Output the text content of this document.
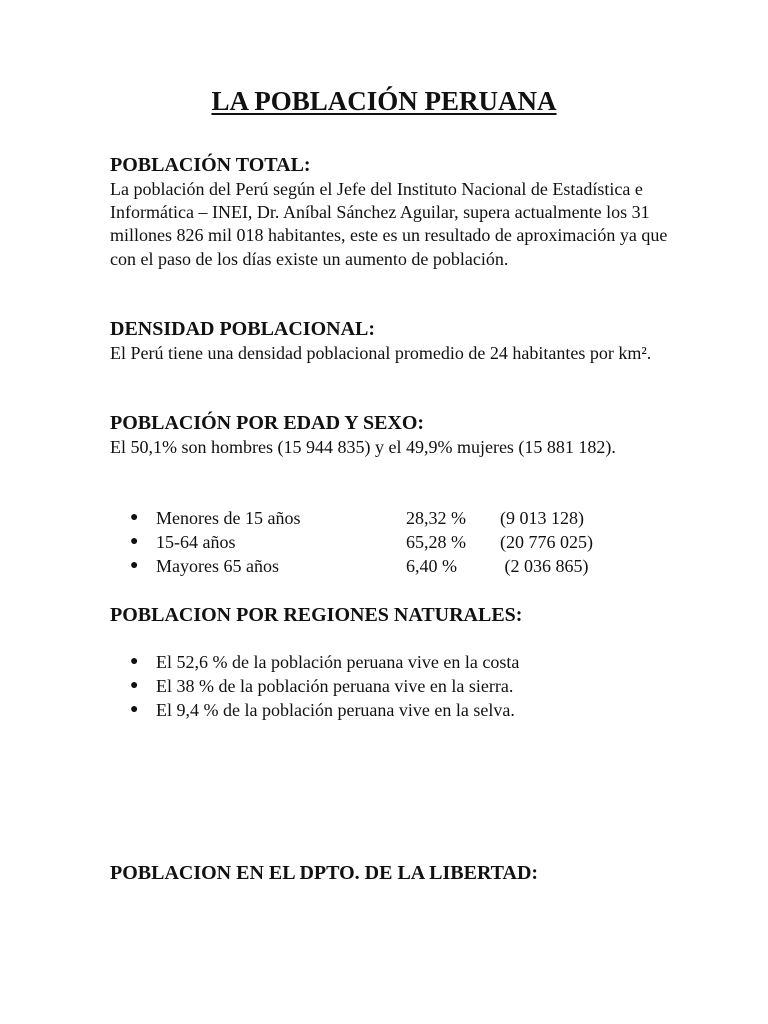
LA POBLACIÓN PERUANA
POBLACIÓN TOTAL:

La población del Perú según el Jefe del Instituto Nacional de Estadística e Informática – INEI, Dr. Aníbal Sánchez Aguilar, supera actualmente los 31 millones 826 mil 018 habitantes, este es un resultado de aproximación ya que con el paso de los días existe un aumento de población.

DENSIDAD POBLACIONAL:

El Perú tiene una densidad poblacional promedio de 24 habitantes por km².

POBLACIÓN POR EDAD Y SEXO:

El 50,1% son hombres (15 944 835) y el 49,9% mujeres (15 881 182).

● Menores de 15 años	28,32 % (9 013 128)
● 15-64 años	65,28 % (20 776 025)
● Mayores 65 años	6,40 % (2 036 865)
POBLACION POR REGIONES NATURALES:
● El 52,6 % de la población peruana vive en la costa
● El 38 % de la población peruana vive en la sierra.
● El 9,4 % de la población peruana vive en la selva.
POBLACION EN EL DPTO. DE LA LIBERTAD:
